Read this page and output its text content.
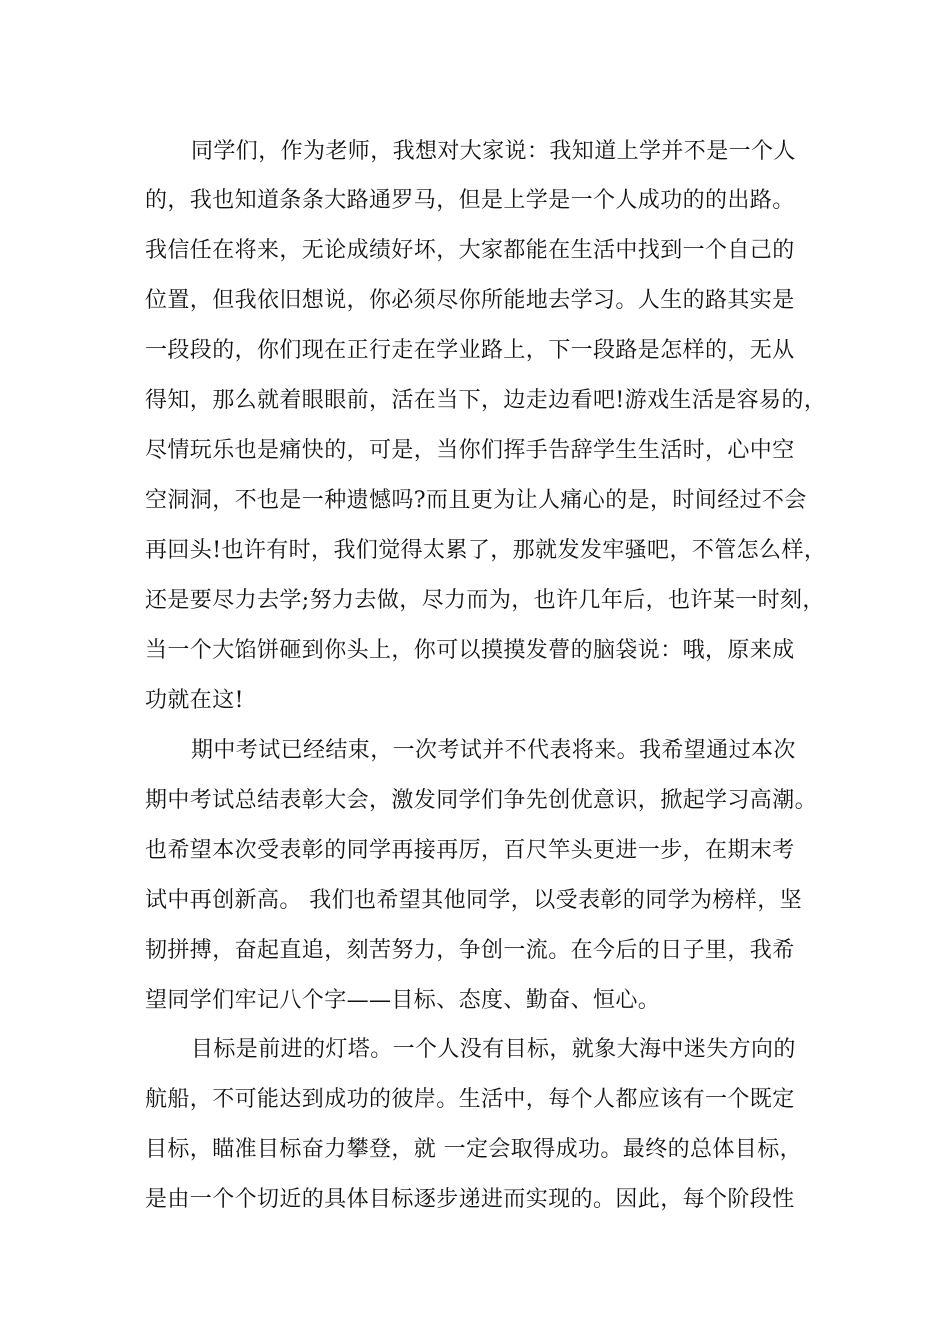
同学们，作为老师，我想对大家说：我知道上学并不是一个人
的，我也知道条条大路通罗马，但是上学是一个人成功的的出路。
我信任在将来，无论成绩好坏，大家都能在生活中找到一个自己的
位置，但我依旧想说，你必须尽你所能地去学习。人生的路其实是
一段段的，你们现在正行走在学业路上，下一段路是怎样的，无从
得知，那么就着眼眼前，活在当下，边走边看吧!游戏生活是容易的，
尽情玩乐也是痛快的，可是，当你们挥手告辞学生生活时，心中空
空洞洞，不也是一种遗憾吗?而且更为让人痛心的是，时间经过不会
再回头!也许有时，我们觉得太累了，那就发发牢骚吧，不管怎么样，
还是要尽力去学;努力去做，尽力而为，也许几年后，也许某一时刻，
当一个大馅饼砸到你头上，你可以摸摸发瞢的脑袋说：哦，原来成
功就在这!
期中考试已经结束，一次考试并不代表将来。我希望通过本次
期中考试总结表彰大会，激发同学们争先创优意识，掀起学习高潮。
也希望本次受表彰的同学再接再厉，百尺竿头更进一步，在期末考
试中再创新高。 我们也希望其他同学，以受表彰的同学为榜样，坚
韧拼搏，奋起直追，刻苦努力，争创一流。在今后的日子里，我希
望同学们牢记八个字——目标、态度、勤奋、恒心。
目标是前进的灯塔。一个人没有目标，就象大海中迷失方向的
航船，不可能达到成功的彼岸。生活中，每个人都应该有一个既定
目标，瞄准目标奋力攀登，就 一定会取得成功。最终的总体目标，
是由一个个切近的具体目标逐步递进而实现的。因此，每个阶段性
